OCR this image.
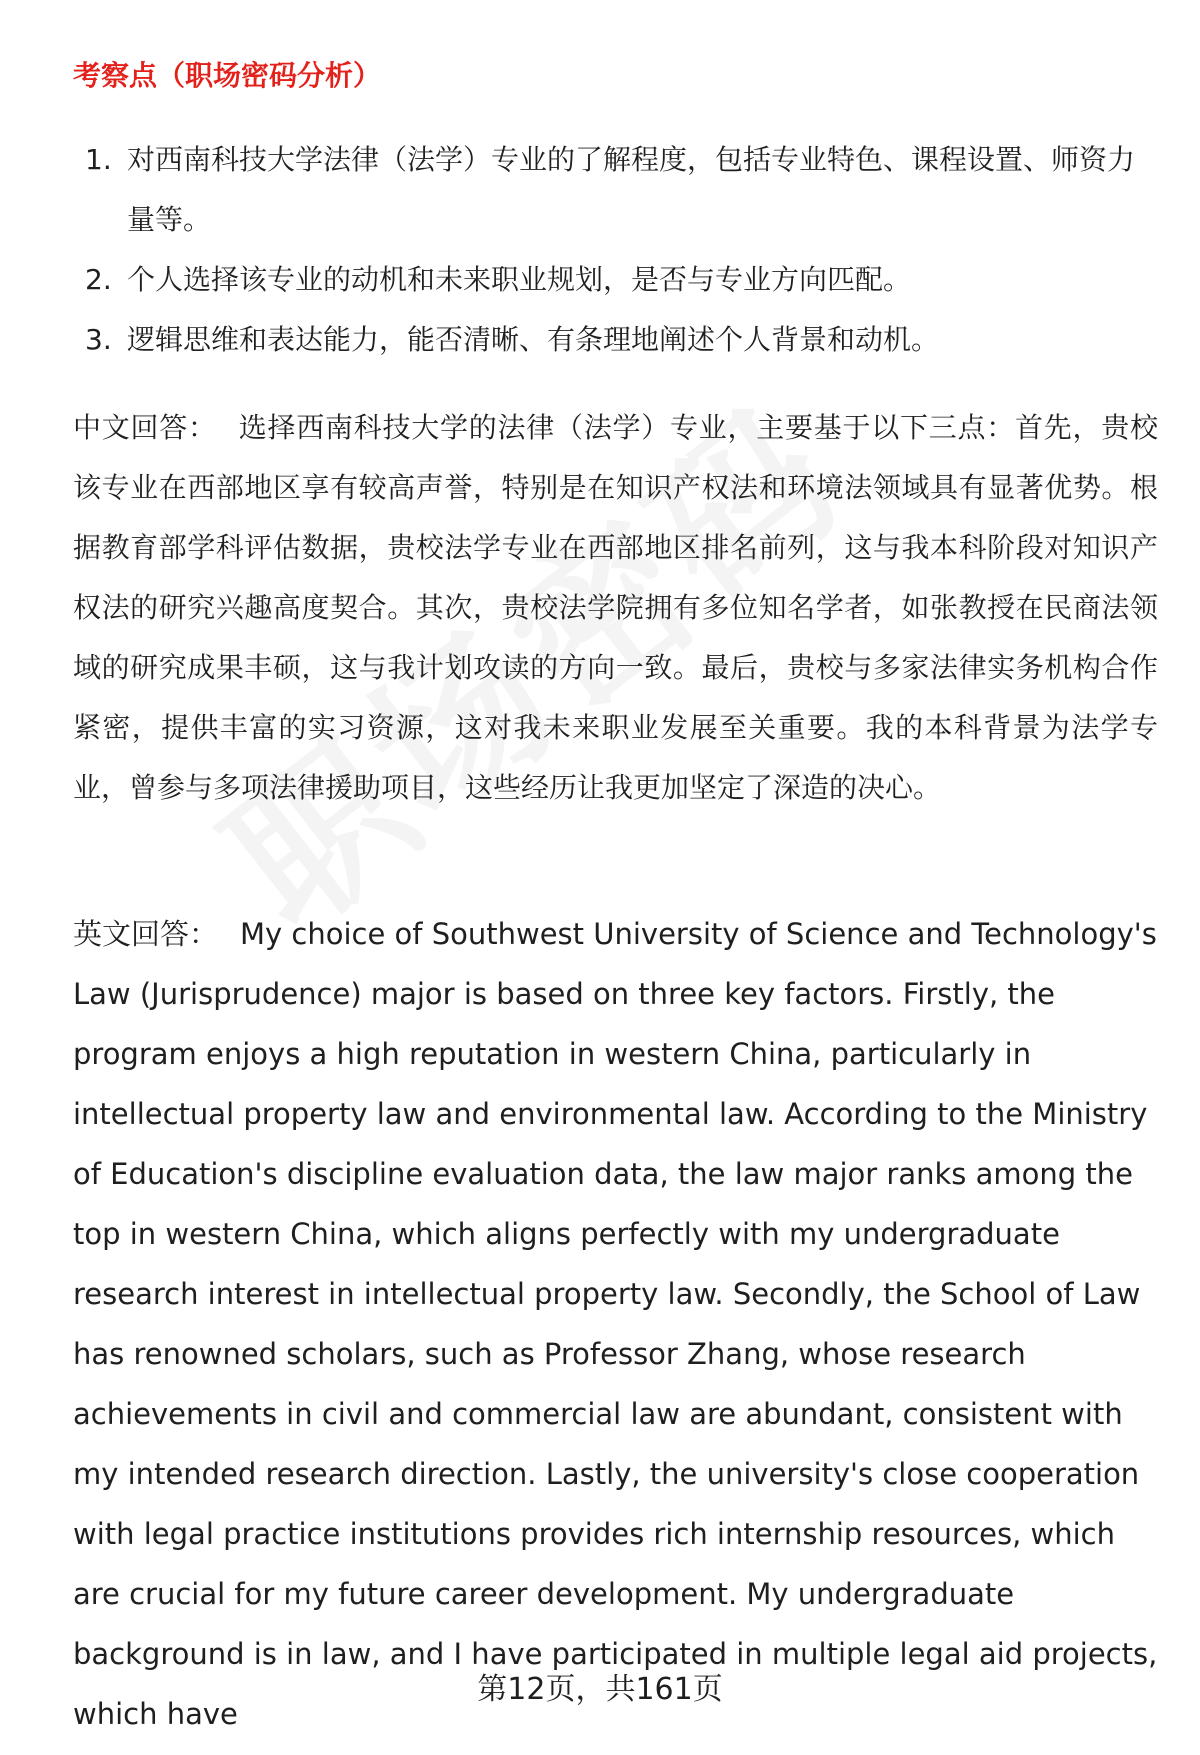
考察点（职场密码分析）
1. 对西南科技大学法律（法学）专业的了解程度，包括专业特色、课程设置、师资力量等。
2. 个人选择该专业的动机和未来职业规划，是否与专业方向匹配。
3. 逻辑思维和表达能力，能否清晰、有条理地阐述个人背景和动机。

中文回答： 选择西南科技大学的法律（法学）专业，主要基于以下三点：首先，贵校该专业在西部地区享有较高声誉，特别是在知识产权法和环境法领域具有显著优势。根据教育部学科评估数据，贵校法学专业在西部地区排名前列，这与我本科阶段对知识产权法的研究兴趣高度契合。其次，贵校法学院拥有多位知名学者，如张教授在民商法领域的研究成果丰硕，这与我计划攻读的方向一致。最后，贵校与多家法律实务机构合作紧密，提供丰富的实习资源，这对我未来职业发展至关重要。我的本科背景为法学专业，曾参与多项法律援助项目，这些经历让我更加坚定了深造的决心。

英文回答： My choice of Southwest University of Science and Technology's Law (Jurisprudence) major is based on three key factors. Firstly, the program enjoys a high reputation in western China, particularly in intellectual property law and environmental law. According to the Ministry of Education's discipline evaluation data, the law major ranks among the top in western China, which aligns perfectly with my undergraduate research interest in intellectual property law. Secondly, the School of Law has renowned scholars, such as Professor Zhang, whose research achievements in civil and commercial law are abundant, consistent with my intended research direction. Lastly, the university's close cooperation with legal practice institutions provides rich internship resources, which are crucial for my future career development. My undergraduate background is in law, and I have participated in multiple legal aid projects, which have

第12页，共161页
